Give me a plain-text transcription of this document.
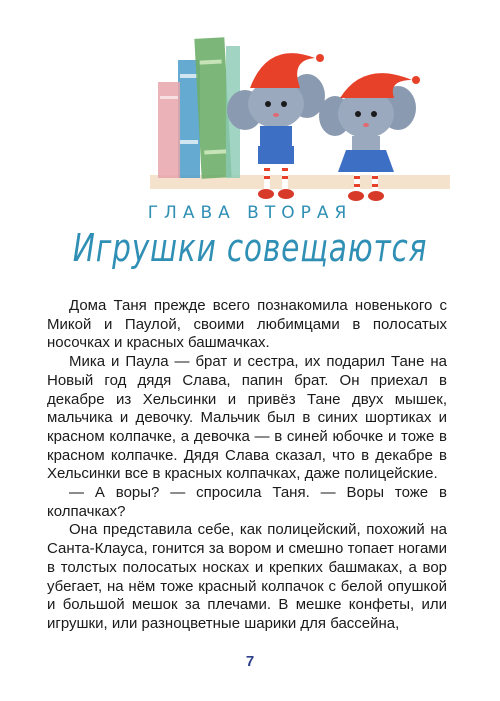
ГЛАВА ВТОРАЯ
Игрушки совещаются

Дома Таня прежде всего познакомила новенького с Микой и Паулой, своими любимцами в полосатых носочках и красных башмачках.

Мика и Паула — брат и сестра, их подарил Тане на Новый год дядя Слава, папин брат. Он приехал в декабре из Хельсинки и привёз Тане двух мышек, мальчика и девочку. Мальчик был в синих шортиках и красном колпачке, а девочка — в синей юбочке и тоже в красном колпачке. Дядя Слава сказал, что в декабре в Хельсинки все в красных колпачках, даже полицейские.

— А воры? — спросила Таня. — Воры тоже в колпачках?

Она представила себе, как полицейский, похожий на Санта-Клауса, гонится за вором и смешно топает ногами в толстых полосатых носках и крепких башмаках, а вор убегает, на нём тоже красный колпачок с белой опушкой и большой мешок за плечами. В мешке конфеты, или игрушки, или разноцветные шарики для бассейна,

7
